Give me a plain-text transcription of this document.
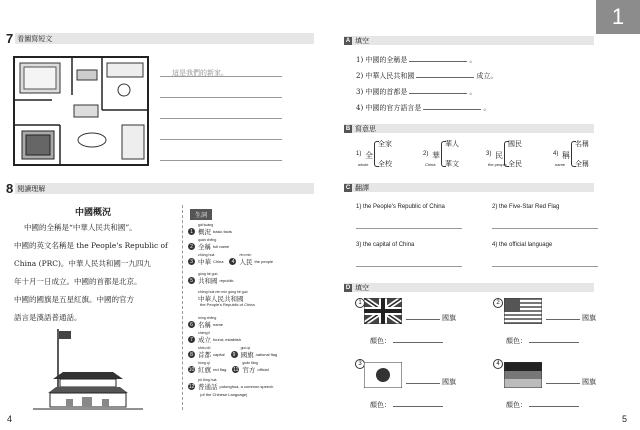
7 看圖寫短文
這是我們的新家。
8 閱讀理解
中國概況
中國的全稱是“中華人民共和國”。
中國的英文名稱是 the People's Republic of
China (PRC)。中華人民共和國一九四九
年十月一日成立。中國的首都是北京。
中國的國旗是五星紅旗。中國的官方
語言是漢語普通話。
生詞
gài kuàng
1 概況 basic facts
quán chēng
2 全稱 full name
zhōng huá
3 中華 China
rén mín
4 人民 the people
gòng hé guó
5 共和國 republic
zhōng huá rén mín gòng hé guó
中華人民共和國
the People's Republic of China
míng chēng
6 名稱 name
chéng lì
7 成立 found; establish
shǒu dū
8 首都 capital
guó qí
9 國旗 national flag
hóng qí
10 紅旗 red flag
guān fāng
11 官方 official
pǔ tōng huà
12 普通話 putonghua, a common speech
(of the Chinese Language)
4
1
A 填空
1) 中國的全稱是	。
2) 中華人民共和國	成立。
3) 中國的首都是	。
4) 中國的官方語言是	。
B 寫意思
1) 全
全家
全校
whole
2) 華
華人
華文
China
3) 民
國民
全民
the people
4) 稱
名稱
全稱
name
C 翻譯
1) the People's Republic of China	2) the Five-Star Red Flag
3) the capital of China	4) the official language
D 填空
1
國旗
顏色：
2
國旗
顏色：
3
國旗
顏色：
4
國旗
顏色：
5
